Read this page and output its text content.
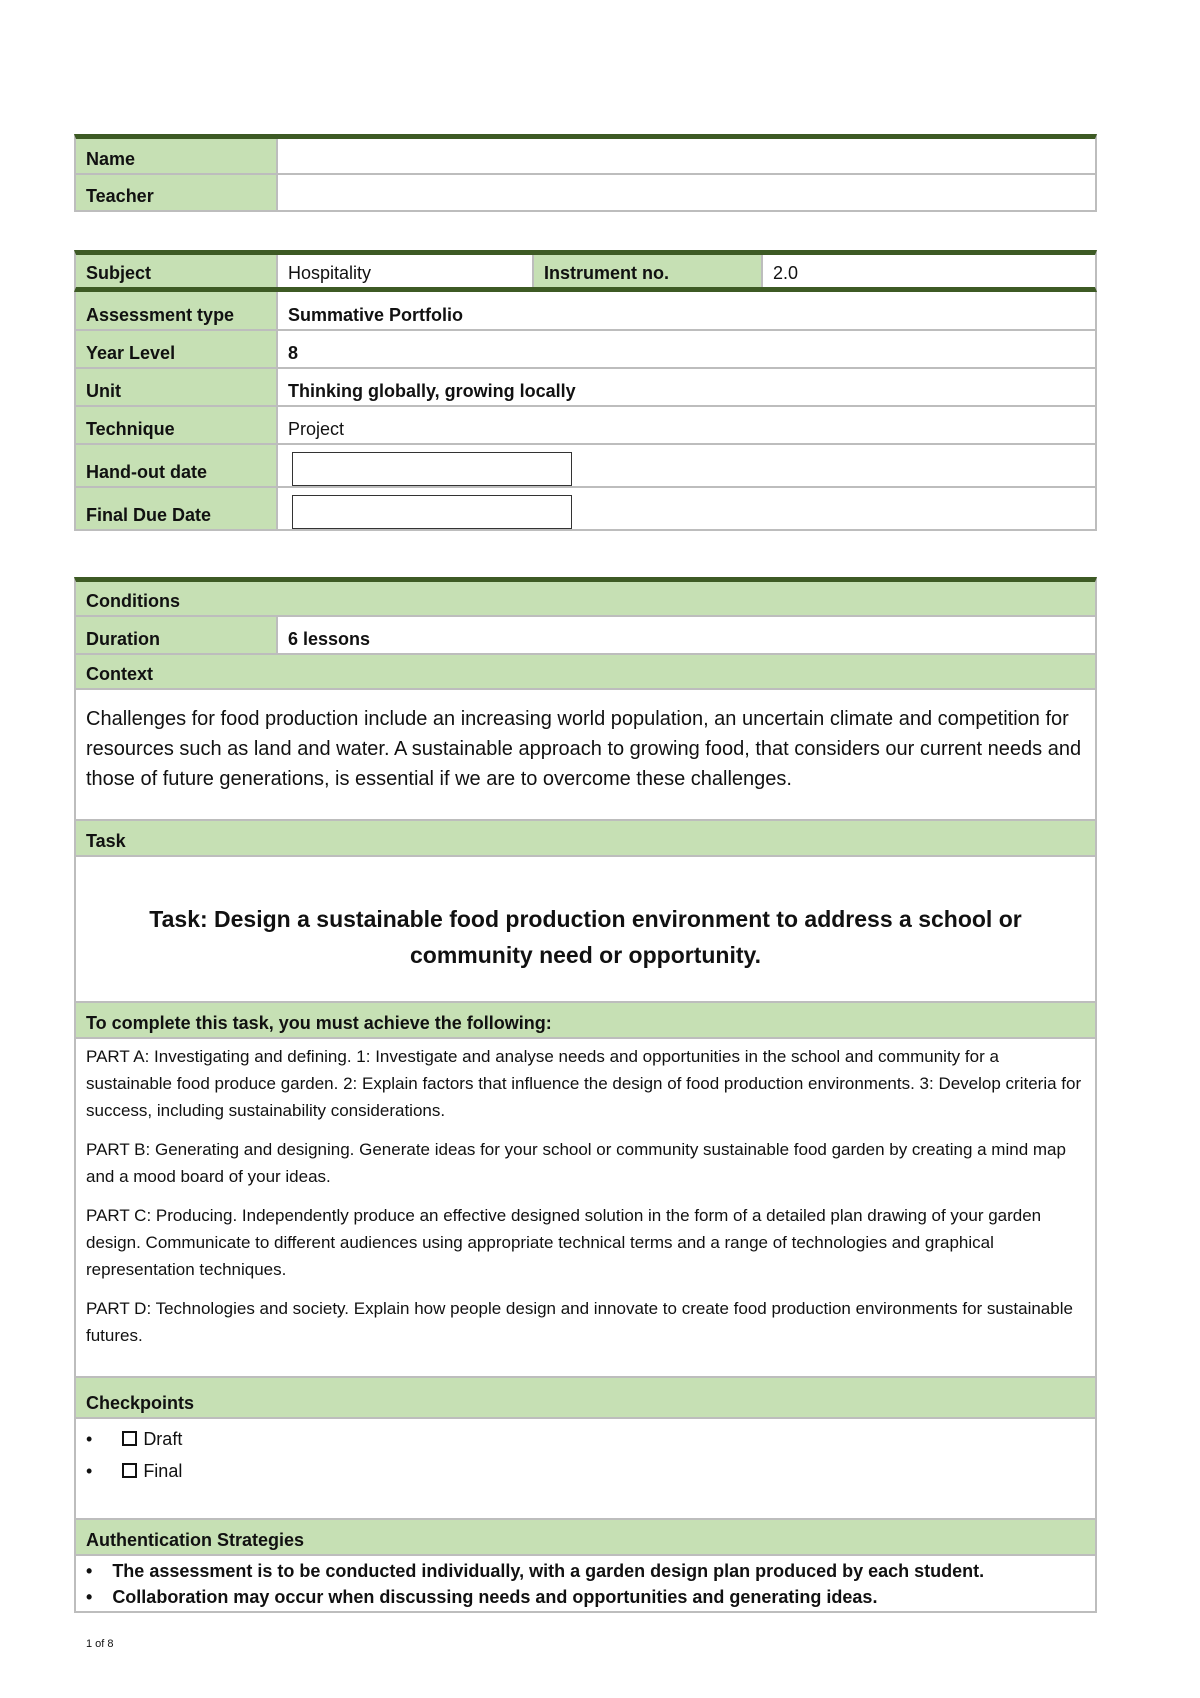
Name
Teacher
Subject	Hospitality	Instrument no.	2.0
Assessment type	Summative Portfolio
Year Level	8
Unit	Thinking globally, growing locally
Technique	Project
Hand-out date
Final Due Date
Conditions
Duration	6 lessons
Context
Challenges for food production include an increasing world population, an uncertain climate and competition for resources such as land and water. A sustainable approach to growing food, that considers our current needs and those of future generations, is essential if we are to overcome these challenges.
Task
Task: Design a sustainable food production environment to address a school or community need or opportunity.
To complete this task, you must achieve the following:

PART A: Investigating and defining. 1: Investigate and analyse needs and opportunities in the school and community for a sustainable food produce garden. 2: Explain factors that influence the design of food production environments. 3: Develop criteria for success, including sustainability considerations.

PART B: Generating and designing. Generate ideas for your school or community sustainable food garden by creating a mind map and a mood board of your ideas.

PART C: Producing. Independently produce an effective designed solution in the form of a detailed plan drawing of your garden design. Communicate to different audiences using appropriate technical terms and a range of technologies and graphical representation techniques.

PART D: Technologies and society. Explain how people design and innovate to create food production environments for sustainable futures.

Checkpoints
•	Draft
•	Final
Authentication Strategies
•    The assessment is to be conducted individually, with a garden design plan produced by each student.
•    Collaboration may occur when discussing needs and opportunities and generating ideas.
1 of 8
